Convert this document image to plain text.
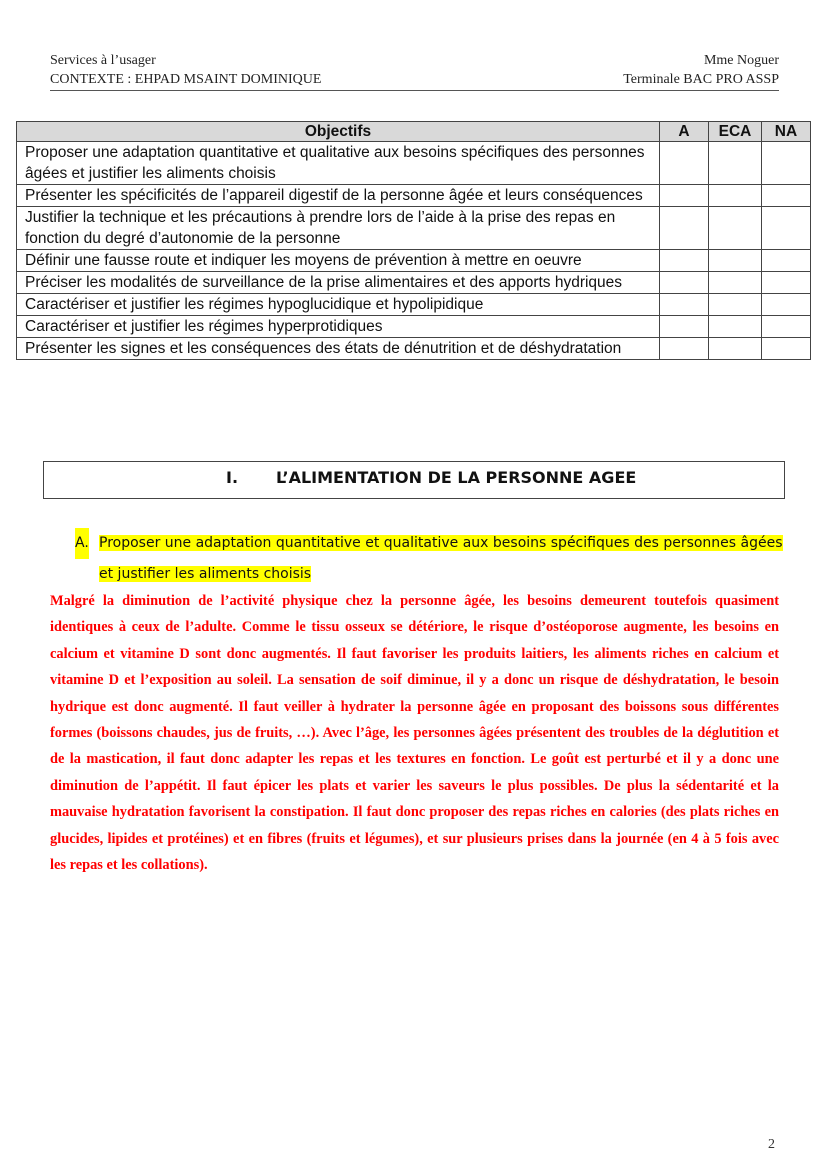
Services à l’usager	Mme Noguer
CONTEXTE : EHPAD MSAINT DOMINIQUE	Terminale BAC PRO ASSP
Objectifs	A	ECA	NA
Proposer une adaptation quantitative et qualitative aux besoins spécifiques des personnes âgées et justifier les aliments choisis			
Présenter les spécificités de l’appareil digestif de la personne âgée et leurs conséquences			
Justifier la technique et les précautions à prendre lors de l’aide à la prise des repas en fonction du degré d’autonomie de la personne			
Définir une fausse route et indiquer les moyens de prévention à mettre en oeuvre			
Préciser les modalités de surveillance de la prise alimentaires et des apports hydriques			
Caractériser et justifier les régimes hypoglucidique et hypolipidique			
Caractériser et justifier les régimes hyperprotidiques			
Présenter les signes et les conséquences des états de dénutrition et de déshydratation			
I. L’ALIMENTATION DE LA PERSONNE AGEE
A. Proposer une adaptation quantitative et qualitative aux besoins spécifiques des personnes âgées et justifier les aliments choisis
Malgré la diminution de l’activité physique chez la personne âgée, les besoins demeurent toutefois quasiment identiques à ceux de l’adulte. Comme le tissu osseux se détériore, le risque d’ostéoporose augmente, les besoins en calcium et vitamine D sont donc augmentés. Il faut favoriser les produits laitiers, les aliments riches en calcium et vitamine D et l’exposition au soleil. La sensation de soif diminue, il y a donc un risque de déshydratation, le besoin hydrique est donc augmenté. Il faut veiller à hydrater la personne âgée en proposant des boissons sous différentes formes (boissons chaudes, jus de fruits, …). Avec l’âge, les personnes âgées présentent des troubles de la déglutition et de la mastication, il faut donc adapter les repas et les textures en fonction. Le goût est perturbé et il y a donc une diminution de l’appétit. Il faut épicer les plats et varier les saveurs le plus possibles. De plus la sédentarité et la mauvaise hydratation favorisent la constipation. Il faut donc proposer des repas riches en calories (des plats riches en glucides, lipides et protéines) et en fibres (fruits et légumes), et sur plusieurs prises dans la journée (en 4 à 5 fois avec les repas et les collations).
2
